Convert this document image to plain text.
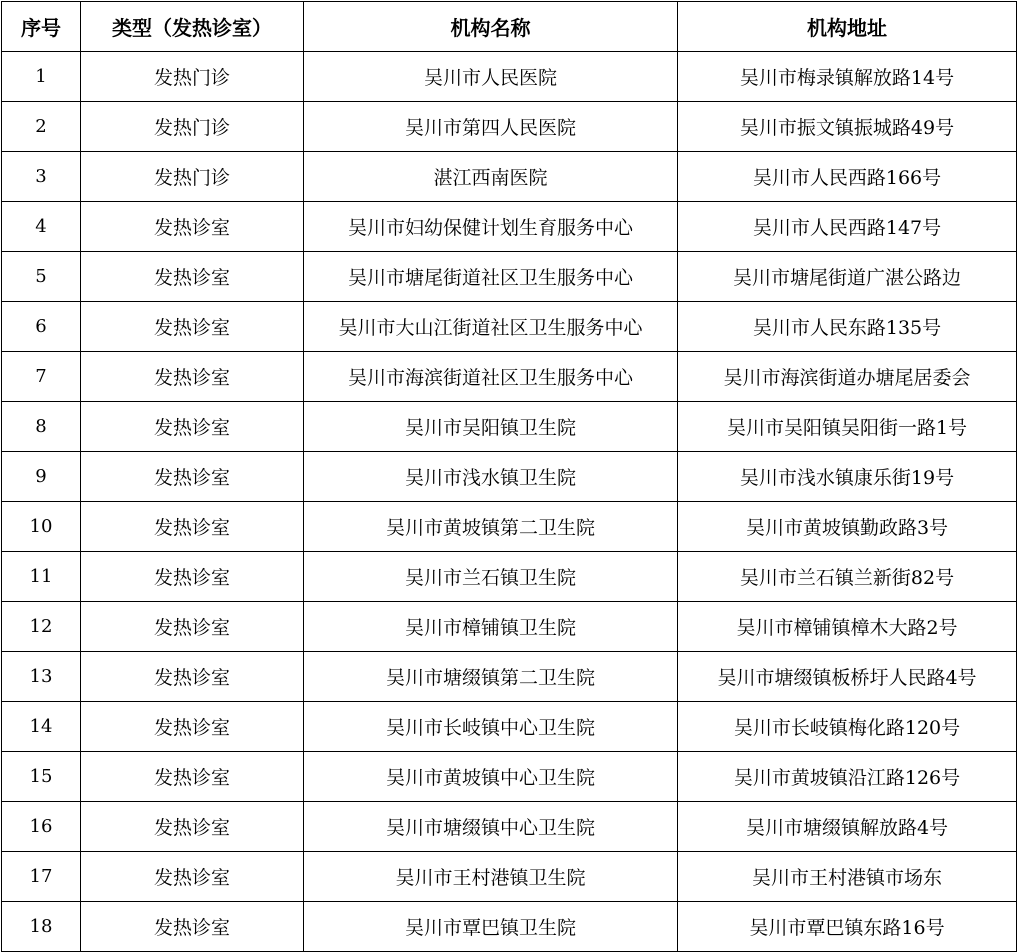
序号	类型（发热诊室）	机构名称	机构地址
1	发热门诊	吴川市人民医院	吴川市梅录镇解放路14号
2	发热门诊	吴川市第四人民医院	吴川市振文镇振城路49号
3	发热门诊	湛江西南医院	吴川市人民西路166号
4	发热诊室	吴川市妇幼保健计划生育服务中心	吴川市人民西路147号
5	发热诊室	吴川市塘尾街道社区卫生服务中心	吴川市塘尾街道广湛公路边
6	发热诊室	吴川市大山江街道社区卫生服务中心	吴川市人民东路135号
7	发热诊室	吴川市海滨街道社区卫生服务中心	吴川市海滨街道办塘尾居委会
8	发热诊室	吴川市吴阳镇卫生院	吴川市吴阳镇吴阳街一路1号
9	发热诊室	吴川市浅水镇卫生院	吴川市浅水镇康乐街19号
10	发热诊室	吴川市黄坡镇第二卫生院	吴川市黄坡镇勤政路3号
11	发热诊室	吴川市兰石镇卫生院	吴川市兰石镇兰新街82号
12	发热诊室	吴川市樟铺镇卫生院	吴川市樟铺镇樟木大路2号
13	发热诊室	吴川市塘缀镇第二卫生院	吴川市塘缀镇板桥圩人民路4号
14	发热诊室	吴川市长岐镇中心卫生院	吴川市长岐镇梅化路120号
15	发热诊室	吴川市黄坡镇中心卫生院	吴川市黄坡镇沿江路126号
16	发热诊室	吴川市塘缀镇中心卫生院	吴川市塘缀镇解放路4号
17	发热诊室	吴川市王村港镇卫生院	吴川市王村港镇市场东
18	发热诊室	吴川市覃巴镇卫生院	吴川市覃巴镇东路16号
